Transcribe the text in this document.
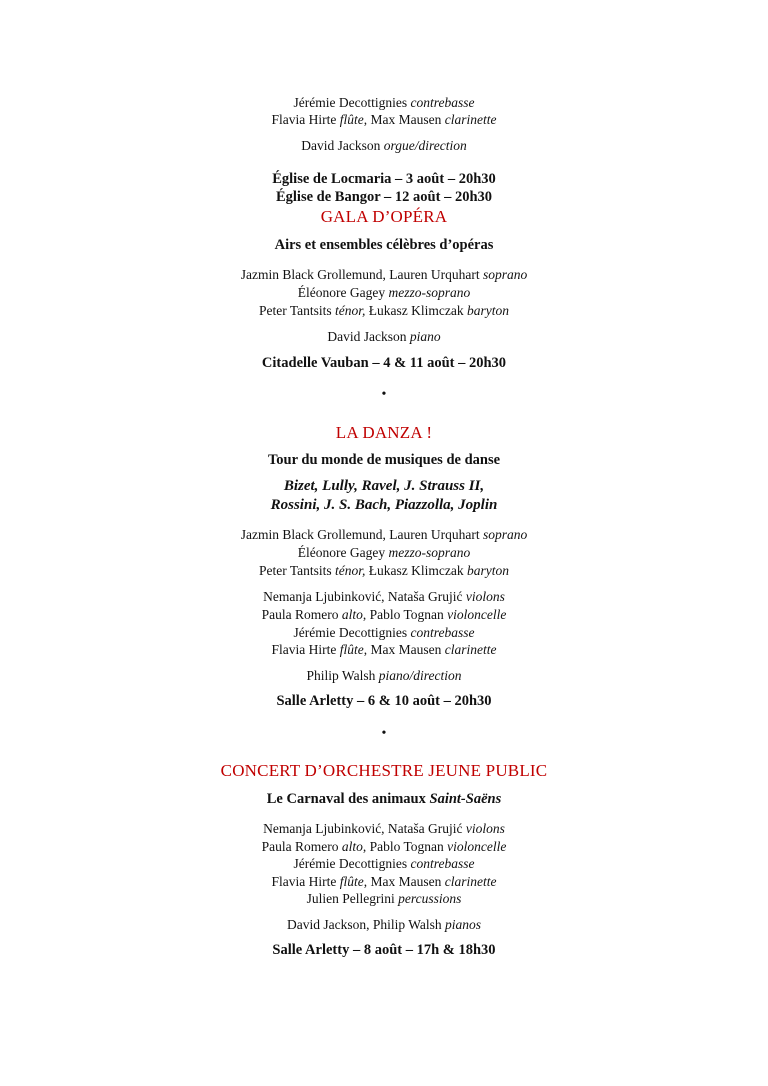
Jérémie Decottignies contrebasse
Flavia Hirte flûte, Max Mausen clarinette
David Jackson orgue/direction
Église de Locmaria – 3 août – 20h30
Église de Bangor – 12 août – 20h30
GALA D’OPÉRA
Airs et ensembles célèbres d’opéras
Jazmin Black Grollemund, Lauren Urquhart soprano
Éléonore Gagey mezzo-soprano
Peter Tantsits ténor, Łukasz Klimczak baryton
David Jackson piano
Citadelle Vauban – 4 & 11 août – 20h30
•
LA DANZA !
Tour du monde de musiques de danse
Bizet, Lully, Ravel, J. Strauss II,
Rossini, J. S. Bach, Piazzolla, Joplin
Jazmin Black Grollemund, Lauren Urquhart soprano
Éléonore Gagey mezzo-soprano
Peter Tantsits ténor, Łukasz Klimczak baryton
Nemanja Ljubinković, Nataša Grujić violons
Paula Romero alto, Pablo Tognan violoncelle
Jérémie Decottignies contrebasse
Flavia Hirte flûte, Max Mausen clarinette
Philip Walsh piano/direction
Salle Arletty – 6 & 10 août – 20h30
•
CONCERT D’ORCHESTRE JEUNE PUBLIC
Le Carnaval des animaux Saint-Saëns
Nemanja Ljubinković, Nataša Grujić violons
Paula Romero alto, Pablo Tognan violoncelle
Jérémie Decottignies contrebasse
Flavia Hirte flûte, Max Mausen clarinette
Julien Pellegrini percussions
David Jackson, Philip Walsh pianos
Salle Arletty – 8 août – 17h & 18h30
